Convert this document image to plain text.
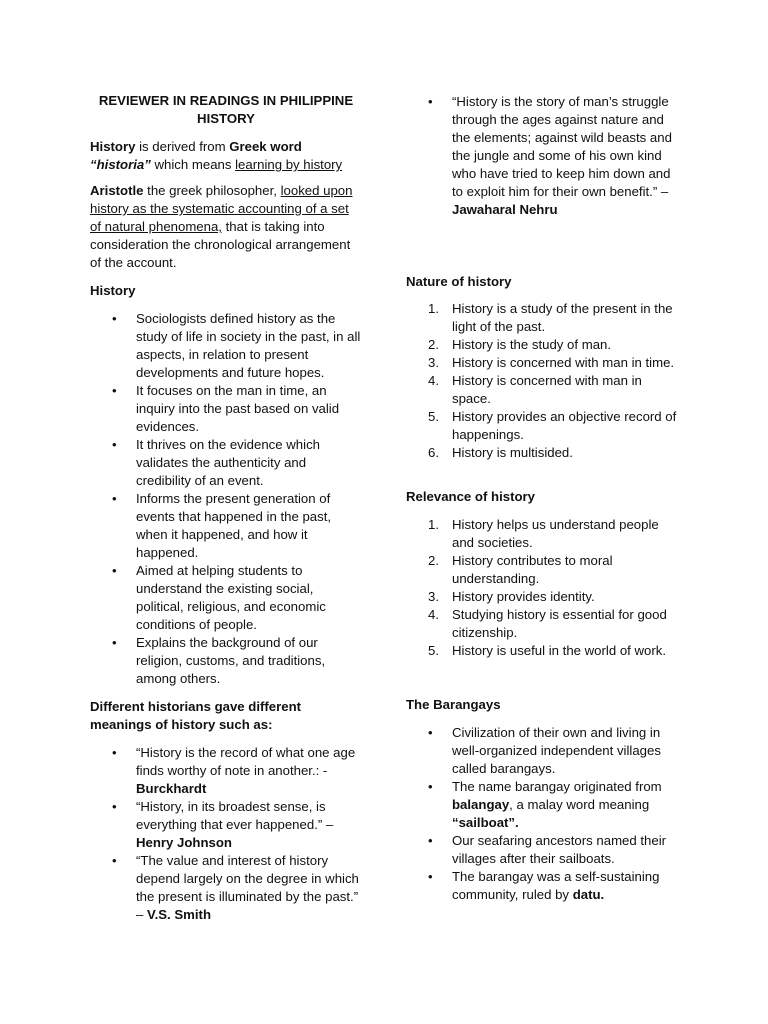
REVIEWER IN READINGS IN PHILIPPINE HISTORY

History is derived from Greek word
“historia” which means learning by history

Aristotle the greek philosopher, looked upon history as the systematic accounting of a set of natural phenomena, that is taking into consideration the chronological arrangement of the account.

History

• Sociologists defined history as the study of life in society in the past, in all aspects, in relation to present developments and future hopes.
• It focuses on the man in time, an inquiry into the past based on valid evidences.
• It thrives on the evidence which validates the authenticity and credibility of an event.
• Informs the present generation of events that happened in the past, when it happened, and how it happened.
• Aimed at helping students to understand the existing social, political, religious, and economic conditions of people.
• Explains the background of our religion, customs, and traditions, among others.

Different historians gave different meanings of history such as:

• “History is the record of what one age finds worthy of note in another.: - Burckhardt
• “History, in its broadest sense, is everything that ever happened.” – Henry Johnson
• “The value and interest of history depend largely on the degree in which the present is illuminated by the past.” – V.S. Smith
• “History is the story of man’s struggle through the ages against nature and the elements; against wild beasts and the jungle and some of his own kind who have tried to keep him down and to exploit him for their own benefit.” – Jawaharal Nehru

Nature of history

1. History is a study of the present in the light of the past.
2. History is the study of man.
3. History is concerned with man in time.
4. History is concerned with man in space.
5. History provides an objective record of happenings.
6. History is multisided.

Relevance of history

1. History helps us understand people and societies.
2. History contributes to moral understanding.
3. History provides identity.
4. Studying history is essential for good citizenship.
5. History is useful in the world of work.

The Barangays

• Civilization of their own and living in well-organized independent villages called barangays.
• The name barangay originated from balangay, a malay word meaning “sailboat”.
• Our seafaring ancestors named their villages after their sailboats.
• The barangay was a self-sustaining community, ruled by datu.
